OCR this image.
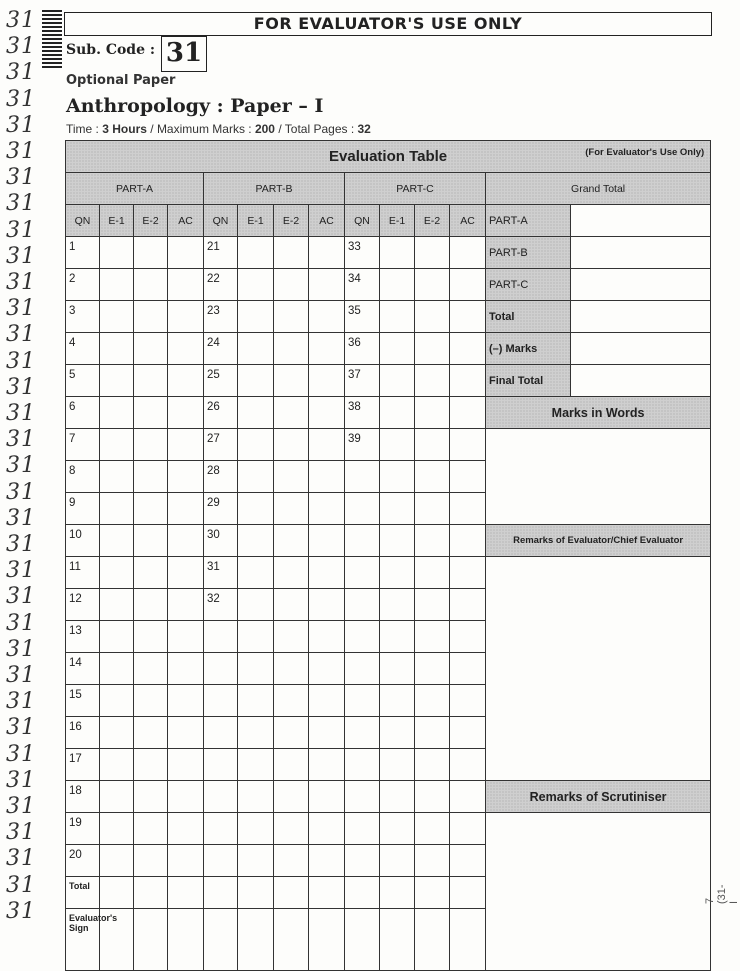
31
31
31
31
31
31
31
31
31
31
31
31
31
31
31
31
31
31
31
31
31
31
31
31
31
31
31
31
31
31
31
31
31
31
31
FOR EVALUATOR'S USE ONLY
Sub. Code : 31
Optional Paper
Anthropology : Paper – I
Time : 3 Hours / Maximum Marks : 200 / Total Pages : 32
Evaluation Table (For Evaluator's Use Only)													

PART-A				PART-B				PART-C				Grand Total	
QN	E-1	E-2	AC	QN	E-1	E-2	AC	QN	E-1	E-2	AC	PART-A	
1				21				33				PART-B	
2				22				34				PART-C	
3				23				35				Total	
4				24				36				(–) Marks	
5				25				37				Final Total	
6				26				38				Marks in Words	
7				27				39					
8				28									
9				29									
10				30								Remarks of Evaluator/Chief Evaluator	
11				31									
12				32									
13													
14													
15													
16													
17													
18												Remarks of Scrutiniser	
19													
20													
Total													
Evaluator's Sign													
7 (31-I
